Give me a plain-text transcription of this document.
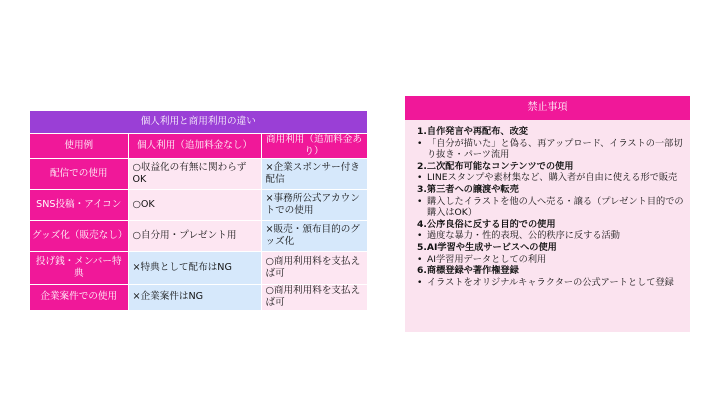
個人利用と商用利用の違い		
使用例	個人利用（追加料金なし）	商用利用（追加料金あり）
配信での使用	○収益化の有無に関わらずOK	×企業スポンサー付き配信
SNS投稿・アイコン	○OK	×事務所公式アカウントでの使用
グッズ化（販売なし）	○自分用・プレゼント用	×販売・頒布目的のグッズ化
投げ銭・メンバー特典	×特典として配布はNG	○商用利用料を支払えば可
企業案件での使用	×企業案件はNG	○商用利用料を支払えば可
禁止事項
1.自作発言や再配布、改変
• 「自分が描いた」と偽る、再アップロード、イラストの一部切り抜き・パーツ流用
2.二次配布可能なコンテンツでの使用
• LINEスタンプや素材集など、購入者が自由に使える形で販売
3.第三者への譲渡や転売
• 購入したイラストを他の人へ売る・譲る（プレゼント目的での購入はOK）
4.公序良俗に反する目的での使用
• 過度な暴力・性的表現、公的秩序に反する活動
5.AI学習や生成サービスへの使用
• AI学習用データとしての利用
6.商標登録や著作権登録
• イラストをオリジナルキャラクターの公式アートとして登録
